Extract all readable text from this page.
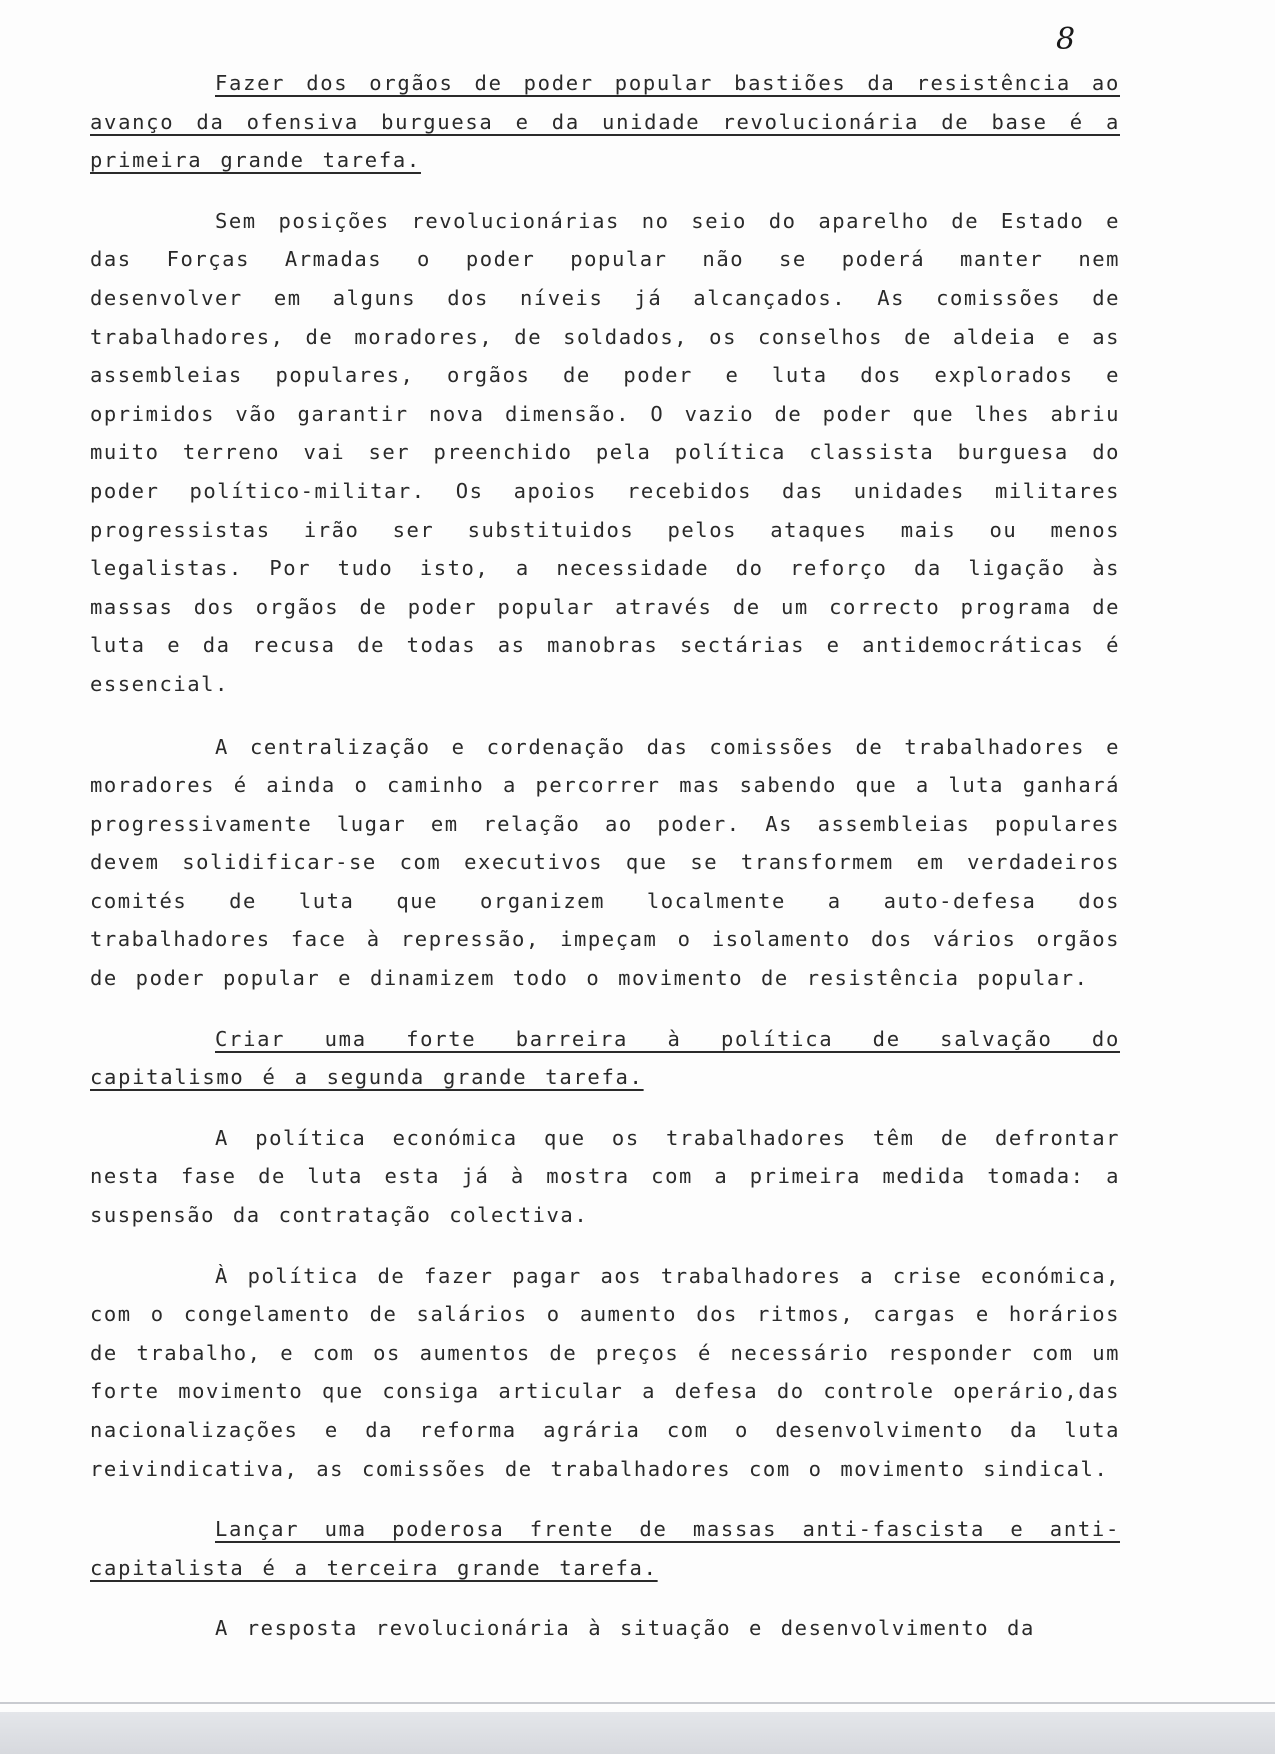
8

Fazer dos orgãos de poder popular bastiões da resistência ao avanço da ofensiva burguesa e da unidade revolucionária de base é a primeira grande tarefa.

Sem posições revolucionárias no seio do aparelho de Estado e das Forças Armadas o poder popular não se poderá manter nem desenvolver em alguns dos níveis já alcançados. As comissões de trabalhadores, de moradores, de soldados, os conselhos de aldeia e as assembleias populares, orgãos de poder e luta dos explorados e oprimidos vão garantir nova dimensão. O vazio de poder que lhes abriu muito terreno vai ser preenchido pela política classista burguesa do poder político-militar. Os apoios recebidos das unidades militares progressistas irão ser substituidos pelos ataques mais ou menos legalistas. Por tudo isto, a necessidade do reforço da ligação às massas dos orgãos de poder popular através de um correcto programa de luta e da recusa de todas as manobras sectárias e antidemocráticas é essencial.

A centralização e cordenação das comissões de trabalhadores e moradores é ainda o caminho a percorrer mas sabendo que a luta ganhará progressivamente lugar em relação ao poder. As assembleias populares devem solidificar-se com executivos que se transformem em verdadeiros comités de luta que organizem localmente a auto-defesa dos trabalhadores face à repressão, impeçam o isolamento dos vários orgãos de poder popular e dinamizem todo o movimento de resistência popular.

Criar uma forte barreira à política de salvação do capitalismo é a segunda grande tarefa.

A política económica que os trabalhadores têm de defrontar nesta fase de luta esta já à mostra com a primeira medida tomada: a suspensão da contratação colectiva.

À política de fazer pagar aos trabalhadores a crise económica, com o congelamento de salários o aumento dos ritmos, cargas e horários de trabalho, e com os aumentos de preços é necessário responder com um forte movimento que consiga articular a defesa do controle operário,das nacionalizações e da reforma agrária com o desenvolvimento da luta reivindicativa, as comissões de trabalhadores com o movimento sindical.

Lançar uma poderosa frente de massas anti-fascista e anti-capitalista é a terceira grande tarefa.

A resposta revolucionária à situação e desenvolvimento da
